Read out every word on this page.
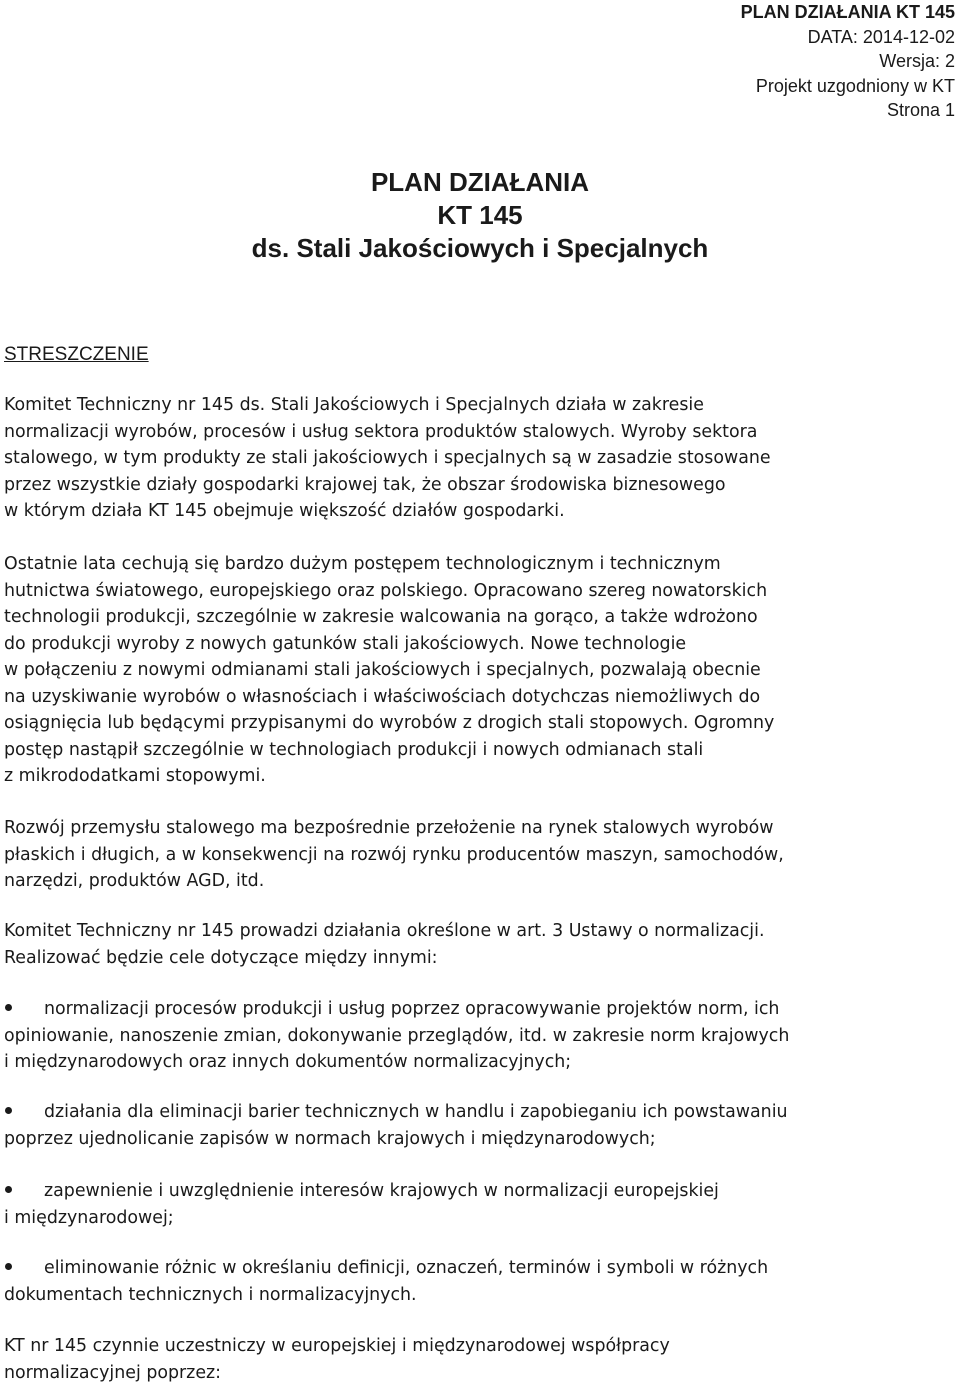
PLAN DZIAŁANIA KT 145
DATA: 2014-12-02
Wersja: 2
Projekt uzgodniony w KT
Strona 1
PLAN DZIAŁANIA
KT 145
ds. Stali Jakościowych i Specjalnych
STRESZCZENIE
Komitet Techniczny nr 145 ds. Stali Jakościowych i Specjalnych działa w zakresie
normalizacji wyrobów, procesów i usług sektora produktów stalowych. Wyroby sektora
stalowego, w tym produkty ze stali jakościowych i specjalnych są w zasadzie stosowane
przez wszystkie działy gospodarki krajowej tak, że obszar środowiska biznesowego
w którym działa KT 145 obejmuje większość działów gospodarki.
Ostatnie lata cechują się bardzo dużym postępem technologicznym i technicznym
hutnictwa światowego, europejskiego oraz polskiego. Opracowano szereg nowatorskich
technologii produkcji, szczególnie w zakresie walcowania na gorąco, a także wdrożono
do produkcji wyroby z nowych gatunków stali jakościowych. Nowe technologie
w połączeniu z nowymi odmianami stali jakościowych i specjalnych, pozwalają obecnie
na uzyskiwanie wyrobów o własnościach i właściwościach dotychczas niemożliwych do
osiągnięcia lub będącymi przypisanymi do wyrobów z drogich stali stopowych. Ogromny
postęp nastąpił szczególnie w technologiach produkcji i nowych odmianach stali
z mikrododatkami stopowymi.
Rozwój przemysłu stalowego ma bezpośrednie przełożenie na rynek stalowych wyrobów
płaskich i długich, a w konsekwencji na rozwój rynku producentów maszyn, samochodów,
narzędzi, produktów AGD, itd.
Komitet Techniczny nr 145 prowadzi działania określone w art. 3 Ustawy o normalizacji.
Realizować będzie cele dotyczące między innymi:
normalizacji procesów produkcji i usług poprzez opracowywanie projektów norm, ich
opiniowanie, nanoszenie zmian, dokonywanie przeglądów, itd. w zakresie norm krajowych
i międzynarodowych oraz innych dokumentów normalizacyjnych;
działania dla eliminacji barier technicznych w handlu i zapobieganiu ich powstawaniu
poprzez ujednolicanie zapisów w normach krajowych i międzynarodowych;
zapewnienie i uwzględnienie interesów krajowych w normalizacji europejskiej
i międzynarodowej;
eliminowanie różnic w określaniu definicji, oznaczeń, terminów i symboli w różnych
dokumentach technicznych i normalizacyjnych.
KT nr 145 czynnie uczestniczy w europejskiej i międzynarodowej współpracy
normalizacyjnej poprzez:
